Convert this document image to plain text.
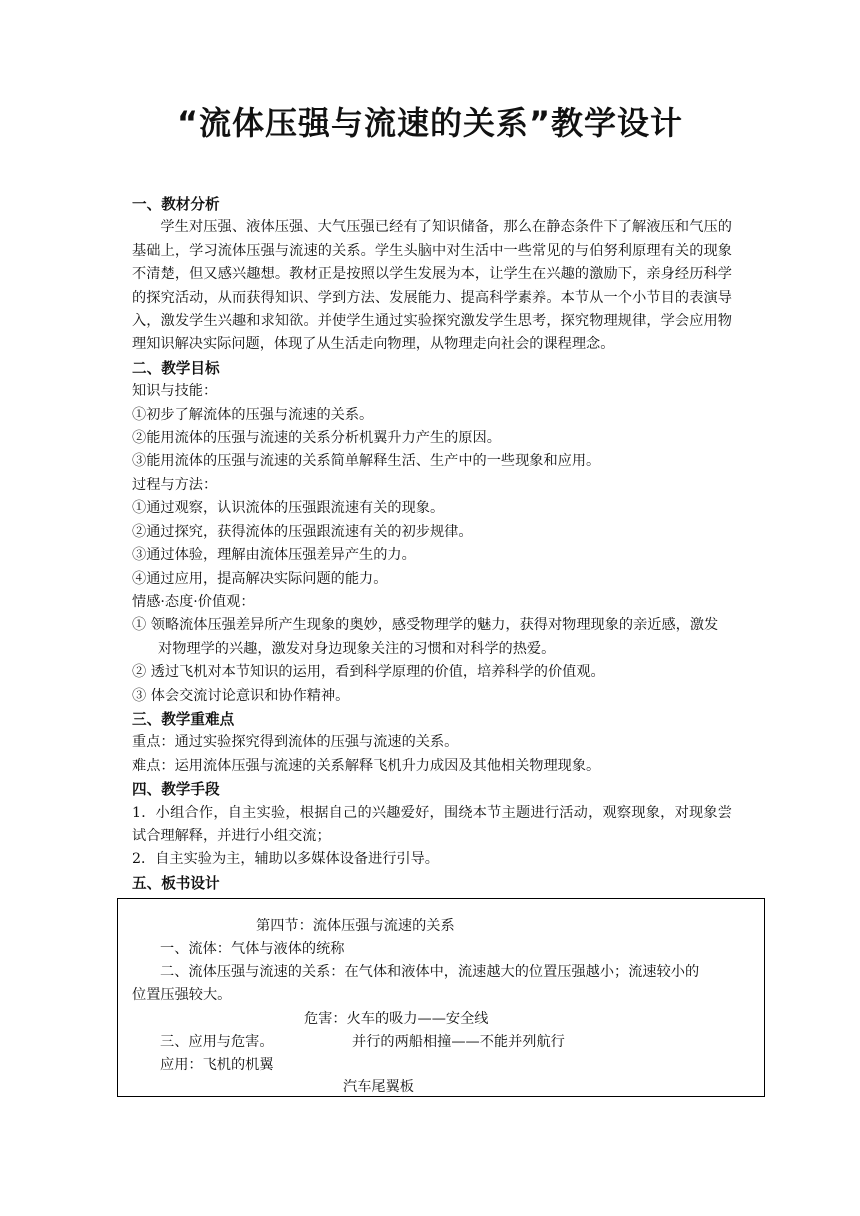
“流体压强与流速的关系”教学设计

一、教材分析

学生对压强、液体压强、大气压强已经有了知识储备，那么在静态条件下了解液压和气压的基础上，学习流体压强与流速的关系。学生头脑中对生活中一些常见的与伯努利原理有关的现象不清楚，但又感兴趣想。教材正是按照以学生发展为本，让学生在兴趣的激励下，亲身经历科学的探究活动，从而获得知识、学到方法、发展能力、提高科学素养。本节从一个小节目的表演导入，激发学生兴趣和求知欲。并使学生通过实验探究激发学生思考，探究物理规律，学会应用物理知识解决实际问题，体现了从生活走向物理，从物理走向社会的课程理念。

二、教学目标

知识与技能：

①初步了解流体的压强与流速的关系。

②能用流体的压强与流速的关系分析机翼升力产生的原因。

③能用流体的压强与流速的关系简单解释生活、生产中的一些现象和应用。

过程与方法：

①通过观察，认识流体的压强跟流速有关的现象。

②通过探究，获得流体的压强跟流速有关的初步规律。

③通过体验，理解由流体压强差异产生的力。

④通过应用，提高解决实际问题的能力。

情感·态度·价值观：

① 领略流体压强差异所产生现象的奥妙，感受物理学的魅力，获得对物理现象的亲近感，激发对物理学的兴趣，激发对身边现象关注的习惯和对科学的热爱。

② 透过飞机对本节知识的运用，看到科学原理的价值，培养科学的价值观。

③ 体会交流讨论意识和协作精神。

三、教学重难点

重点：通过实验探究得到流体的压强与流速的关系。

难点：运用流体压强与流速的关系解释飞机升力成因及其他相关物理现象。

四、教学手段

1．小组合作，自主实验，根据自己的兴趣爱好，围绕本节主题进行活动，观察现象，对现象尝试合理解释，并进行小组交流；

2．自主实验为主，辅助以多媒体设备进行引导。

五、板书设计

第四节：流体压强与流速的关系

一、流体：气体与液体的统称

二、流体压强与流速的关系：在气体和液体中，流速越大的位置压强越小；流速较小的

位置压强较大。

危害：火车的吸力——安全线

三、应用与危害。	并行的两船相撞——不能并列航行

应用：飞机的机翼

汽车尾翼板
